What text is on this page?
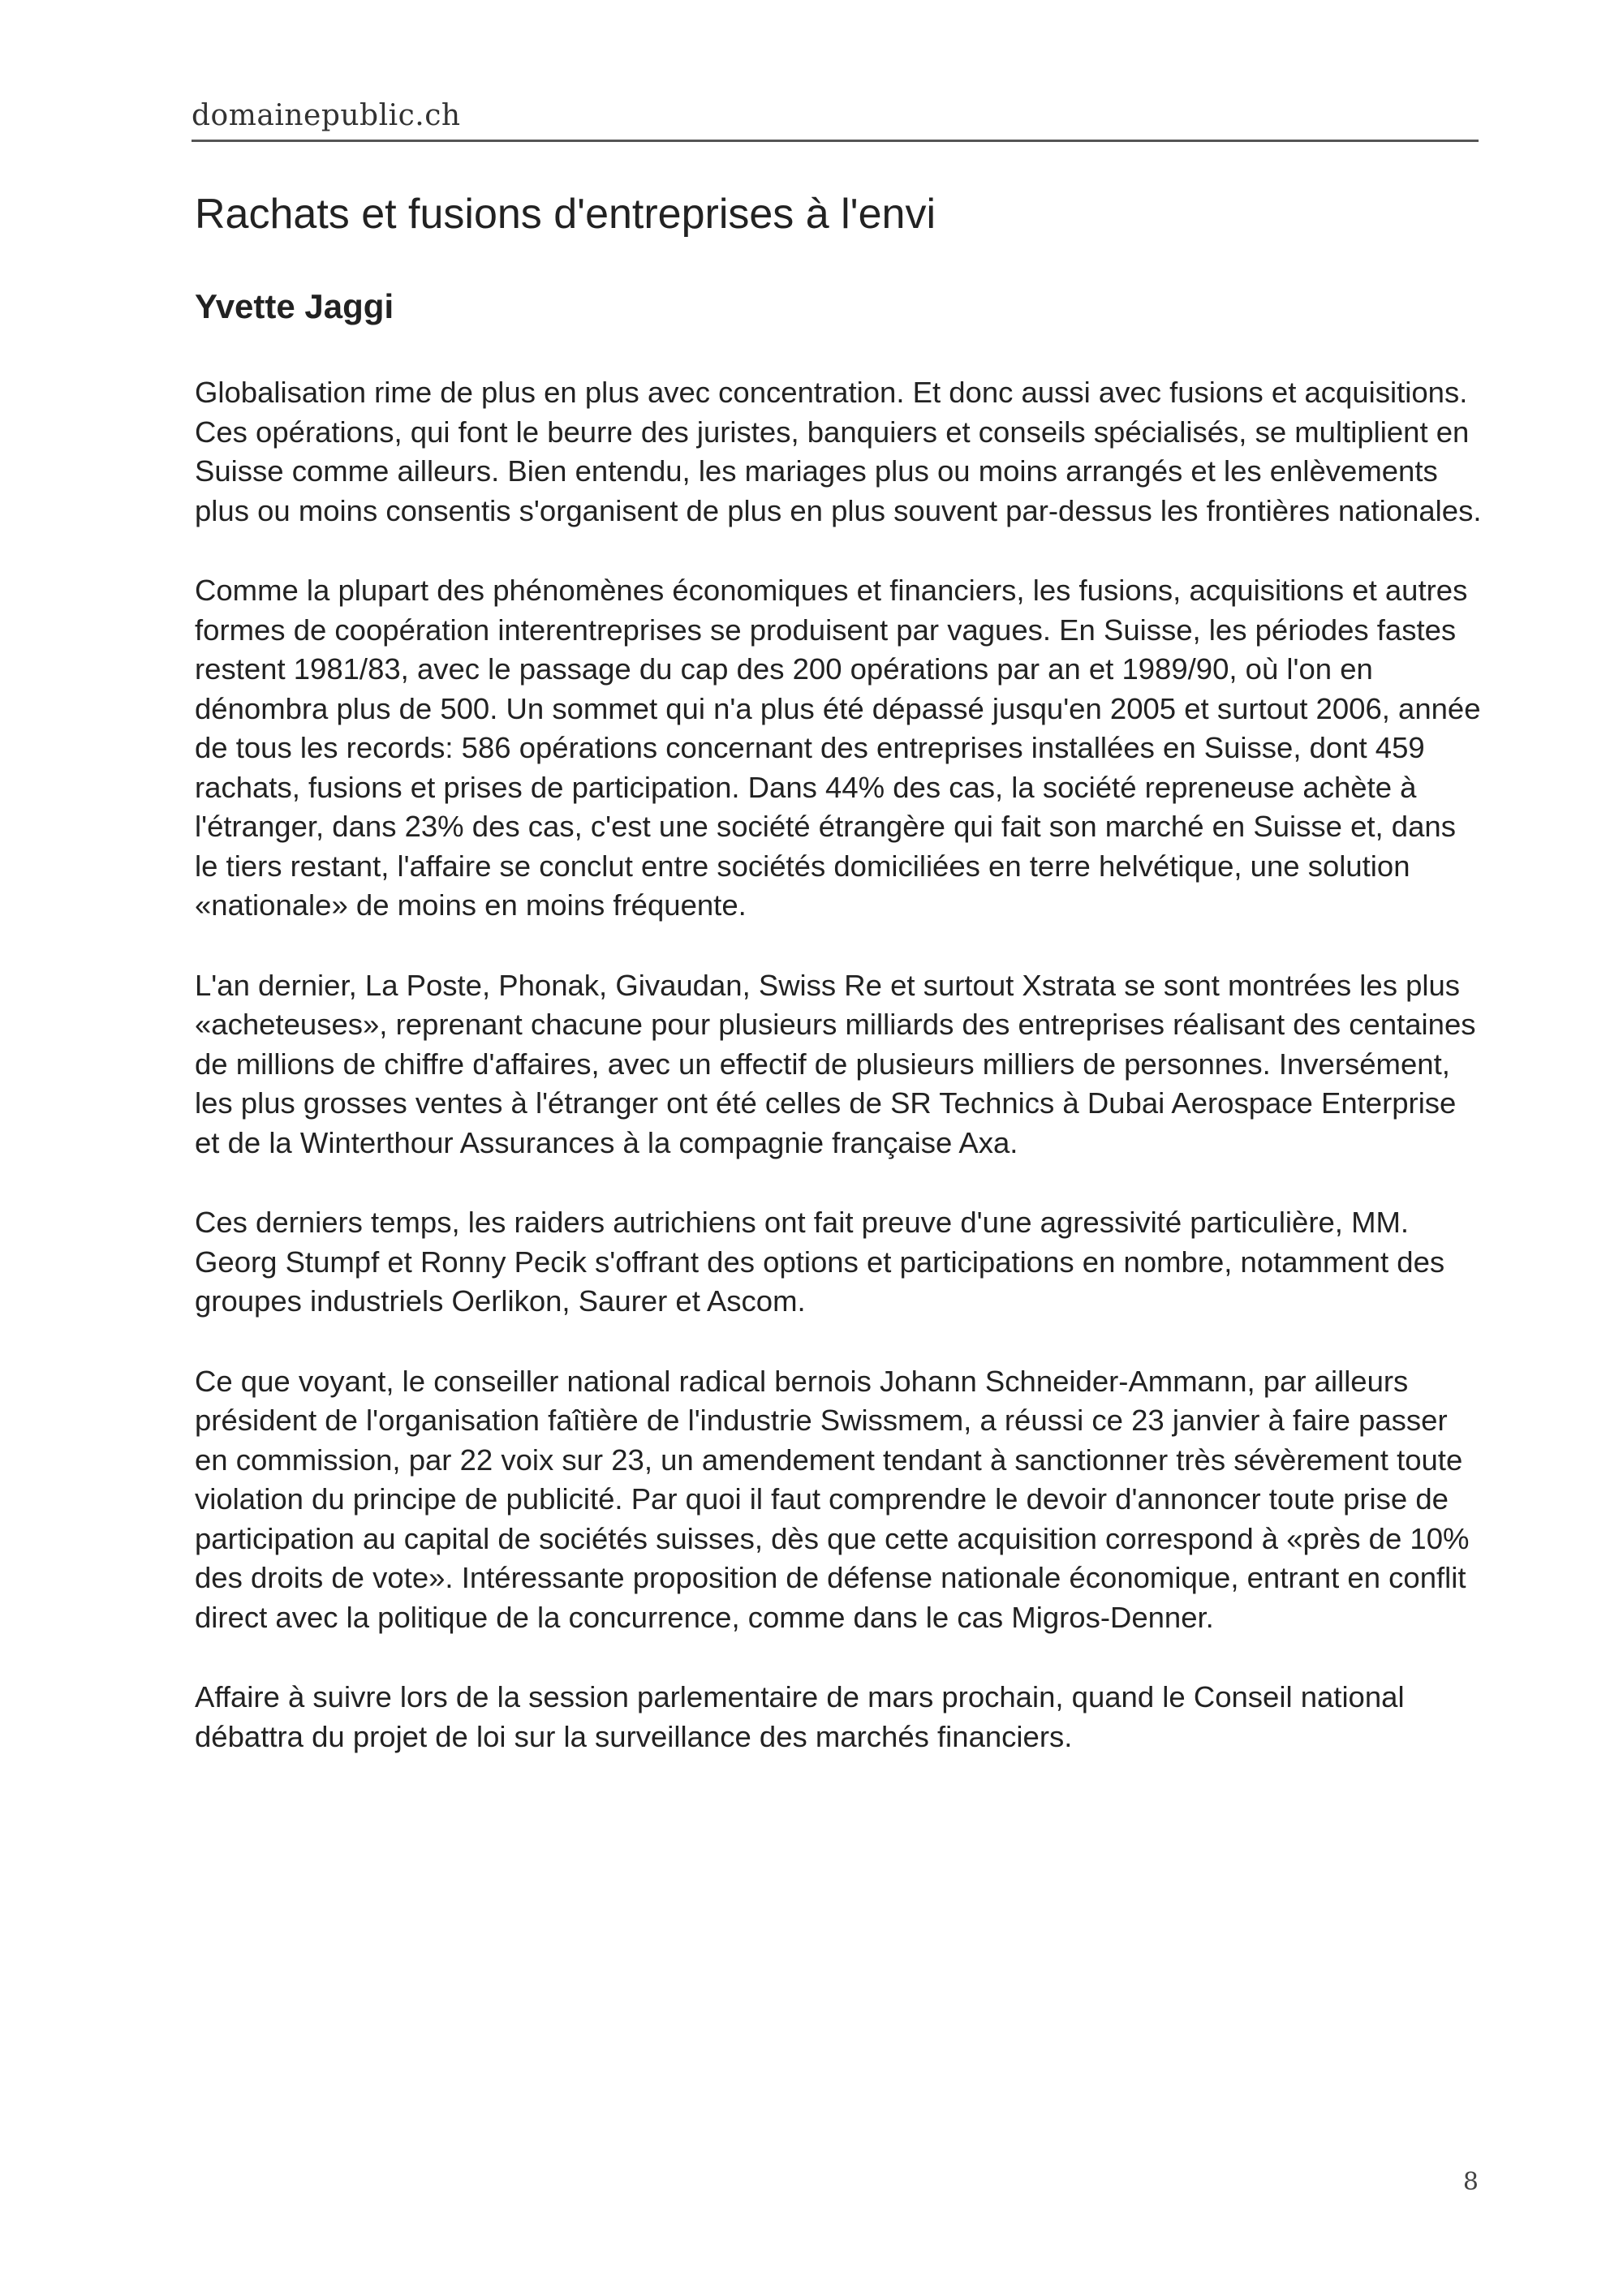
domainepublic.ch
Rachats et fusions d'entreprises à l'envi
Yvette Jaggi

Globalisation rime de plus en plus avec concentration. Et donc aussi avec fusions et acquisitions. Ces opérations, qui font le beurre des juristes, banquiers et conseils spécialisés, se multiplient en Suisse comme ailleurs. Bien entendu, les mariages plus ou moins arrangés et les enlèvements plus ou moins consentis s'organisent de plus en plus souvent par-dessus les frontières nationales.

Comme la plupart des phénomènes économiques et financiers, les fusions, acquisitions et autres formes de coopération interentreprises se produisent par vagues. En Suisse, les périodes fastes restent 1981/83, avec le passage du cap des 200 opérations par an et 1989/90, où l'on en dénombra plus de 500. Un sommet qui n'a plus été dépassé jusqu'en 2005 et surtout 2006, année de tous les records: 586 opérations concernant des entreprises installées en Suisse, dont 459 rachats, fusions et prises de participation. Dans 44% des cas, la société repreneuse achète à l'étranger, dans 23% des cas, c'est une société étrangère qui fait son marché en Suisse et, dans le tiers restant, l'affaire se conclut entre sociétés domiciliées en terre helvétique, une solution «nationale» de moins en moins fréquente.

L'an dernier, La Poste, Phonak, Givaudan, Swiss Re et surtout Xstrata se sont montrées les plus «acheteuses», reprenant chacune pour plusieurs milliards des entreprises réalisant des centaines de millions de chiffre d'affaires, avec un effectif de plusieurs milliers de personnes. Inversément, les plus grosses ventes à l'étranger ont été celles de SR Technics à Dubai Aerospace Enterprise et de la Winterthour Assurances à la compagnie française Axa.

Ces derniers temps, les raiders autrichiens ont fait preuve d'une agressivité particulière, MM. Georg Stumpf et Ronny Pecik s'offrant des options et participations en nombre, notamment des groupes industriels Oerlikon, Saurer et Ascom.

Ce que voyant, le conseiller national radical bernois Johann Schneider-Ammann, par ailleurs président de l'organisation faîtière de l'industrie Swissmem, a réussi ce 23 janvier à faire passer en commission, par 22 voix sur 23, un amendement tendant à sanctionner très sévèrement toute violation du principe de publicité. Par quoi il faut comprendre le devoir d'annoncer toute prise de participation au capital de sociétés suisses, dès que cette acquisition correspond à «près de 10% des droits de vote». Intéressante proposition de défense nationale économique, entrant en conflit direct avec la politique de la concurrence, comme dans le cas Migros-Denner.

Affaire à suivre lors de la session parlementaire de mars prochain, quand le Conseil national débattra du projet de loi sur la surveillance des marchés financiers.

8
